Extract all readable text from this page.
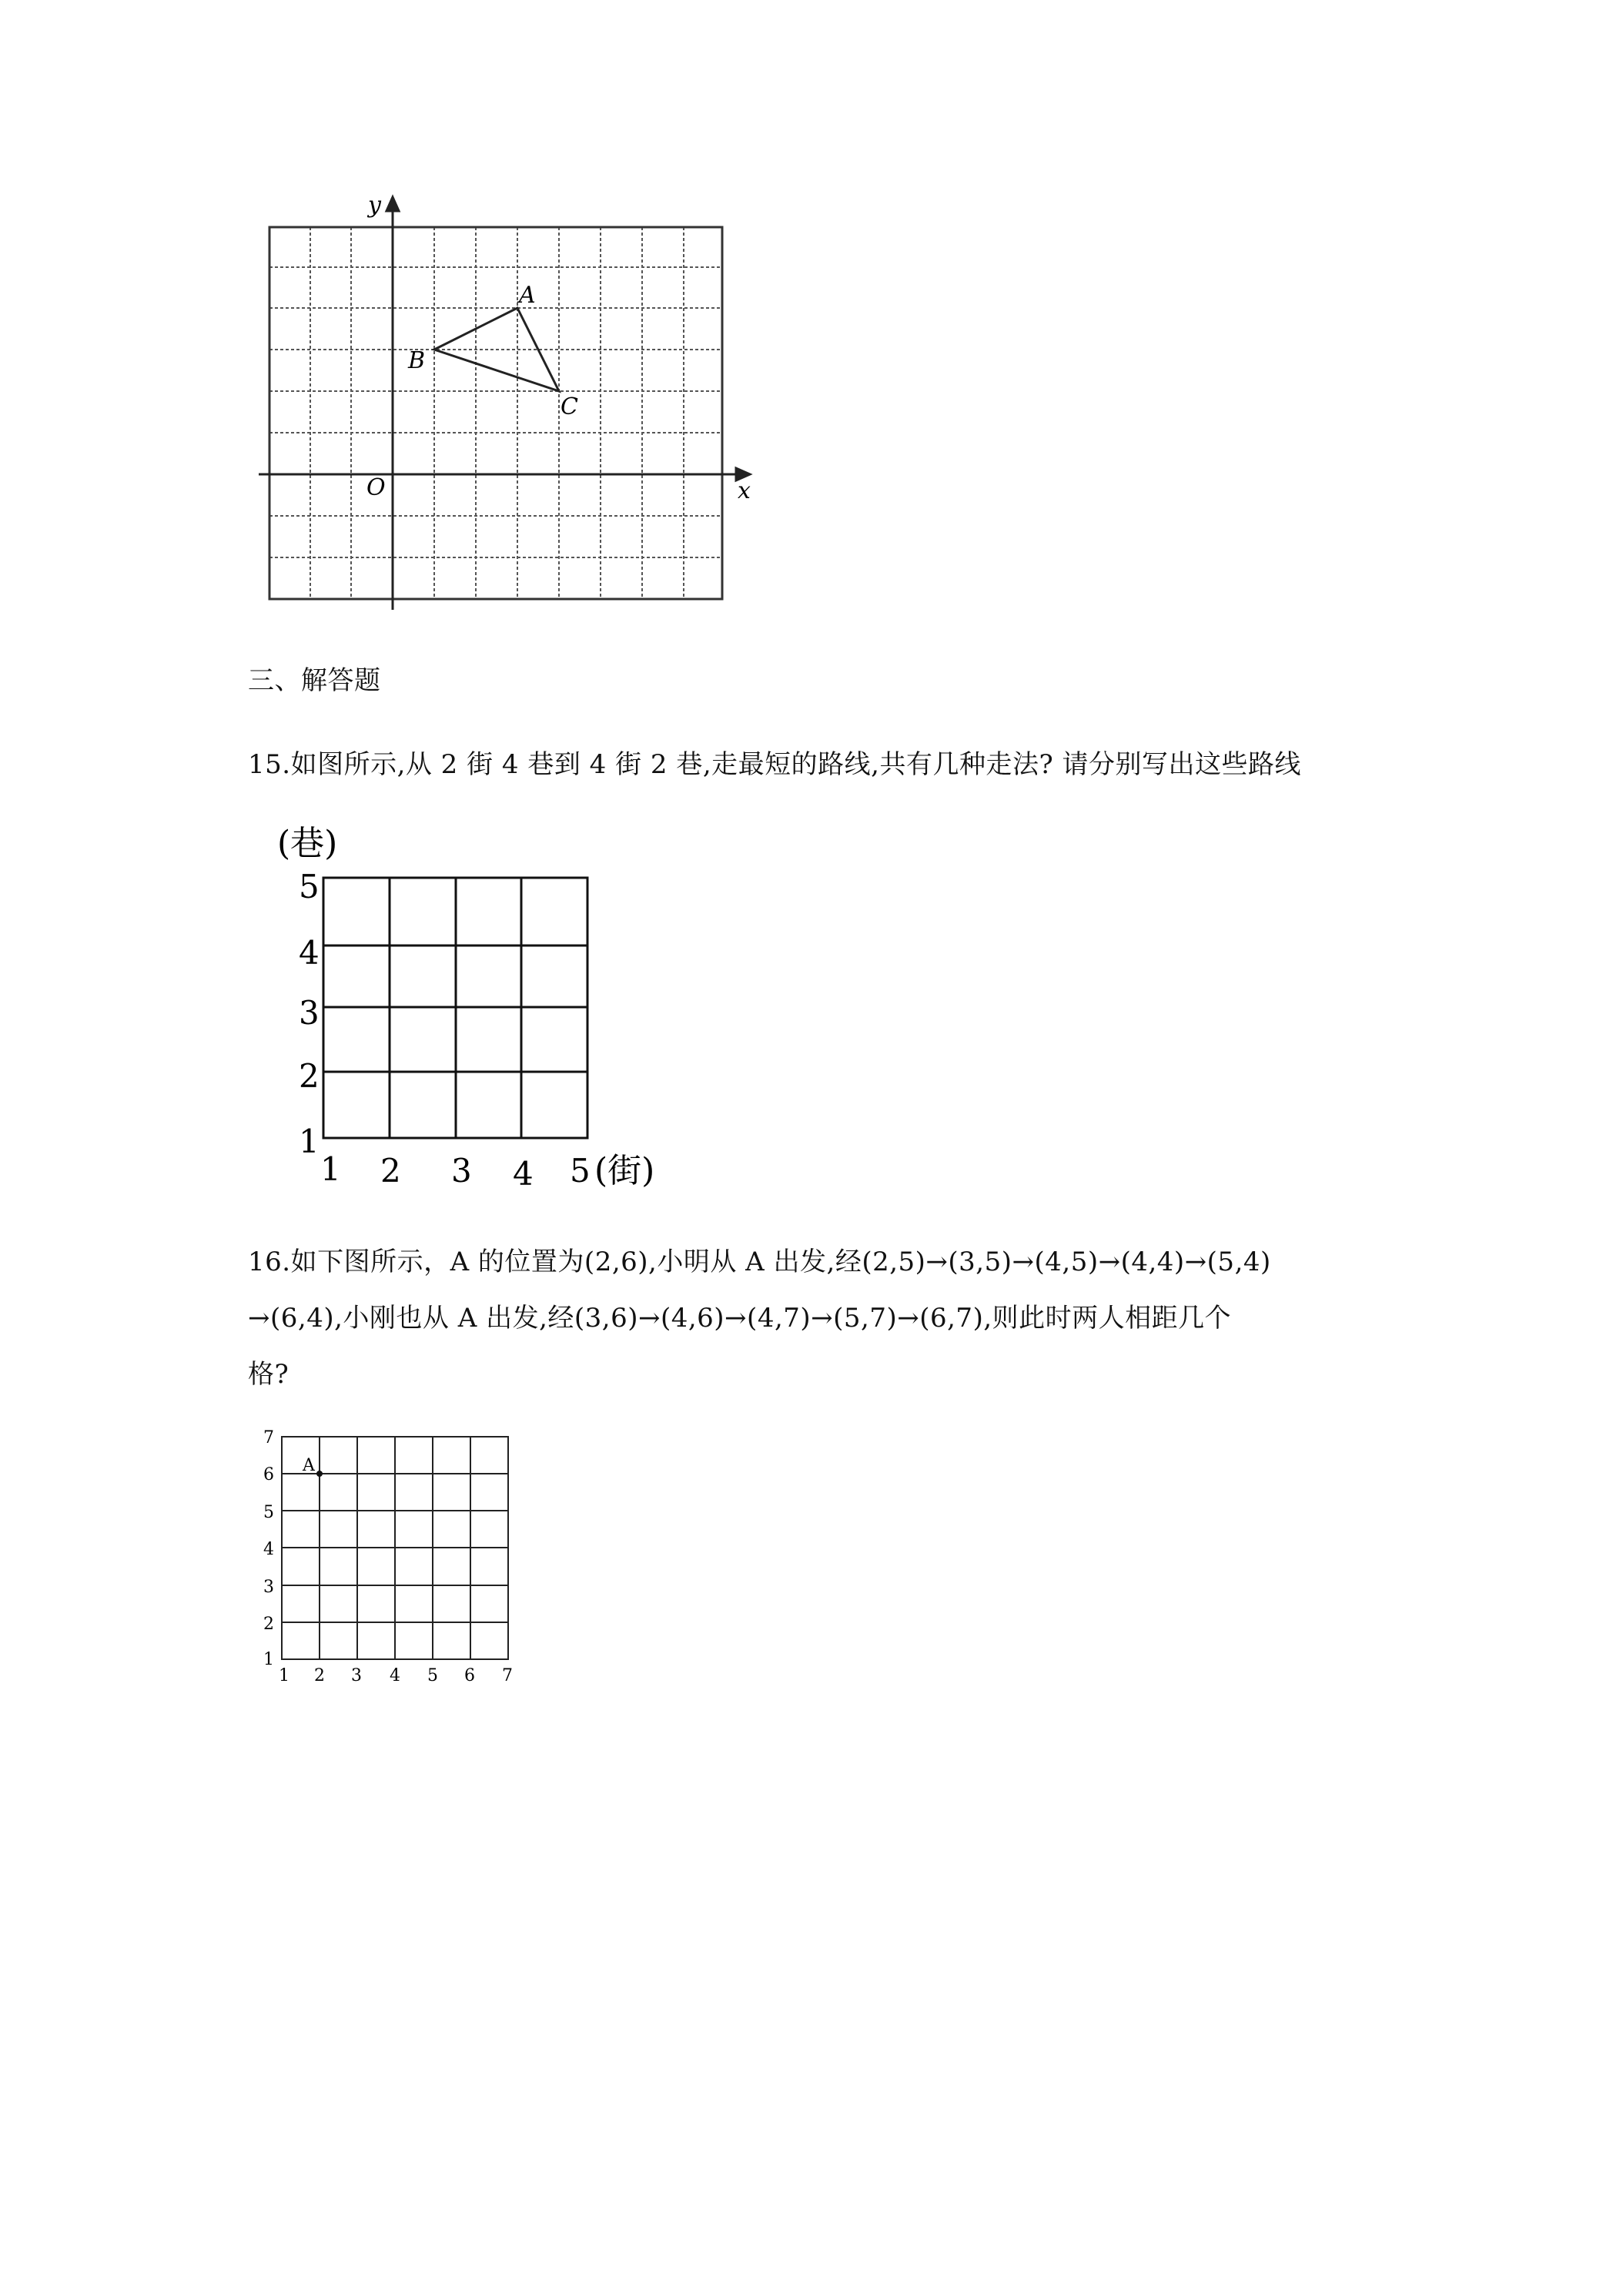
y
x
O
A
B
C
三、解答题
15.如图所示,从 2 街 4 巷到 4 街 2 巷,走最短的路线,共有几种走法? 请分别写出这些路线
(巷)
(街)
1
2
3
4
5
1 2 3 4 5
16.如下图所示，A 的位置为(2,6),小明从 A 出发,经(2,5)→(3,5)→(4,5)→(4,4)→(5,4)
→(6,4),小刚也从 A 出发,经(3,6)→(4,6)→(4,7)→(5,7)→(6,7),则此时两人相距几个
格?
A
1
2
3
4
5
6
7
1 2 3 4 5 6 7
